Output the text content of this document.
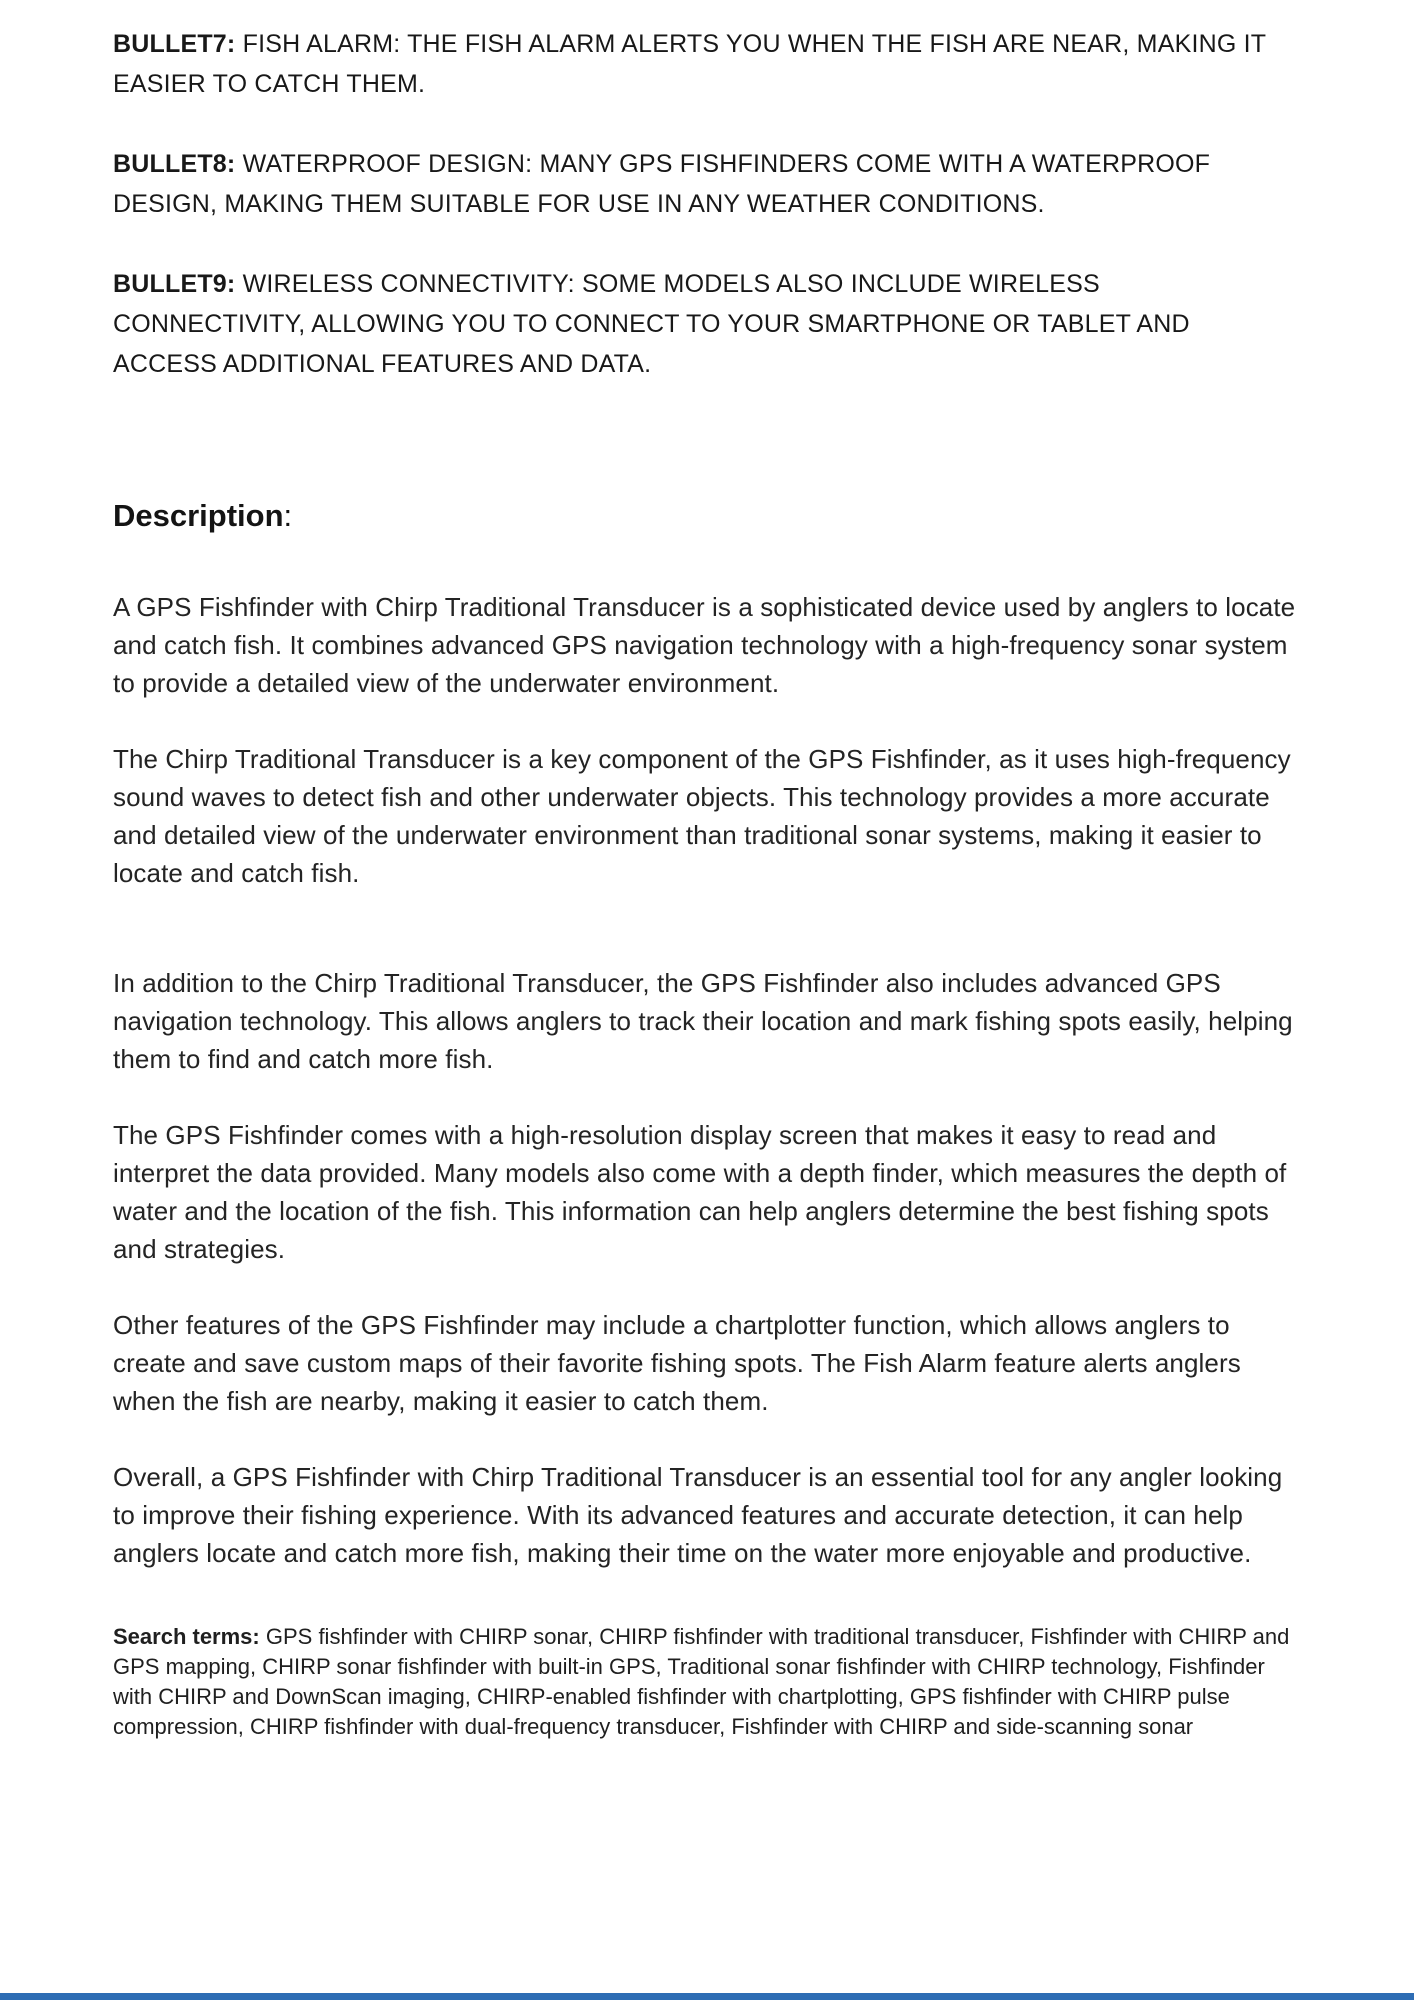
BULLET7: FISH ALARM: THE FISH ALARM ALERTS YOU WHEN THE FISH ARE NEAR, MAKING IT EASIER TO CATCH THEM.

BULLET8: WATERPROOF DESIGN: MANY GPS FISHFINDERS COME WITH A WATERPROOF DESIGN, MAKING THEM SUITABLE FOR USE IN ANY WEATHER CONDITIONS.

BULLET9: WIRELESS CONNECTIVITY: SOME MODELS ALSO INCLUDE WIRELESS CONNECTIVITY, ALLOWING YOU TO CONNECT TO YOUR SMARTPHONE OR TABLET AND ACCESS ADDITIONAL FEATURES AND DATA.

Description:

A GPS Fishfinder with Chirp Traditional Transducer is a sophisticated device used by anglers to locate and catch fish. It combines advanced GPS navigation technology with a high-frequency sonar system to provide a detailed view of the underwater environment.

The Chirp Traditional Transducer is a key component of the GPS Fishfinder, as it uses high-frequency sound waves to detect fish and other underwater objects. This technology provides a more accurate and detailed view of the underwater environment than traditional sonar systems, making it easier to locate and catch fish.

In addition to the Chirp Traditional Transducer, the GPS Fishfinder also includes advanced GPS navigation technology. This allows anglers to track their location and mark fishing spots easily, helping them to find and catch more fish.

The GPS Fishfinder comes with a high-resolution display screen that makes it easy to read and interpret the data provided. Many models also come with a depth finder, which measures the depth of water and the location of the fish. This information can help anglers determine the best fishing spots and strategies.

Other features of the GPS Fishfinder may include a chartplotter function, which allows anglers to create and save custom maps of their favorite fishing spots. The Fish Alarm feature alerts anglers when the fish are nearby, making it easier to catch them.

Overall, a GPS Fishfinder with Chirp Traditional Transducer is an essential tool for any angler looking to improve their fishing experience. With its advanced features and accurate detection, it can help anglers locate and catch more fish, making their time on the water more enjoyable and productive.

Search terms: GPS fishfinder with CHIRP sonar, CHIRP fishfinder with traditional transducer, Fishfinder with CHIRP and GPS mapping, CHIRP sonar fishfinder with built-in GPS, Traditional sonar fishfinder with CHIRP technology, Fishfinder with CHIRP and DownScan imaging, CHIRP-enabled fishfinder with chartplotting, GPS fishfinder with CHIRP pulse compression, CHIRP fishfinder with dual-frequency transducer, Fishfinder with CHIRP and side-scanning sonar
